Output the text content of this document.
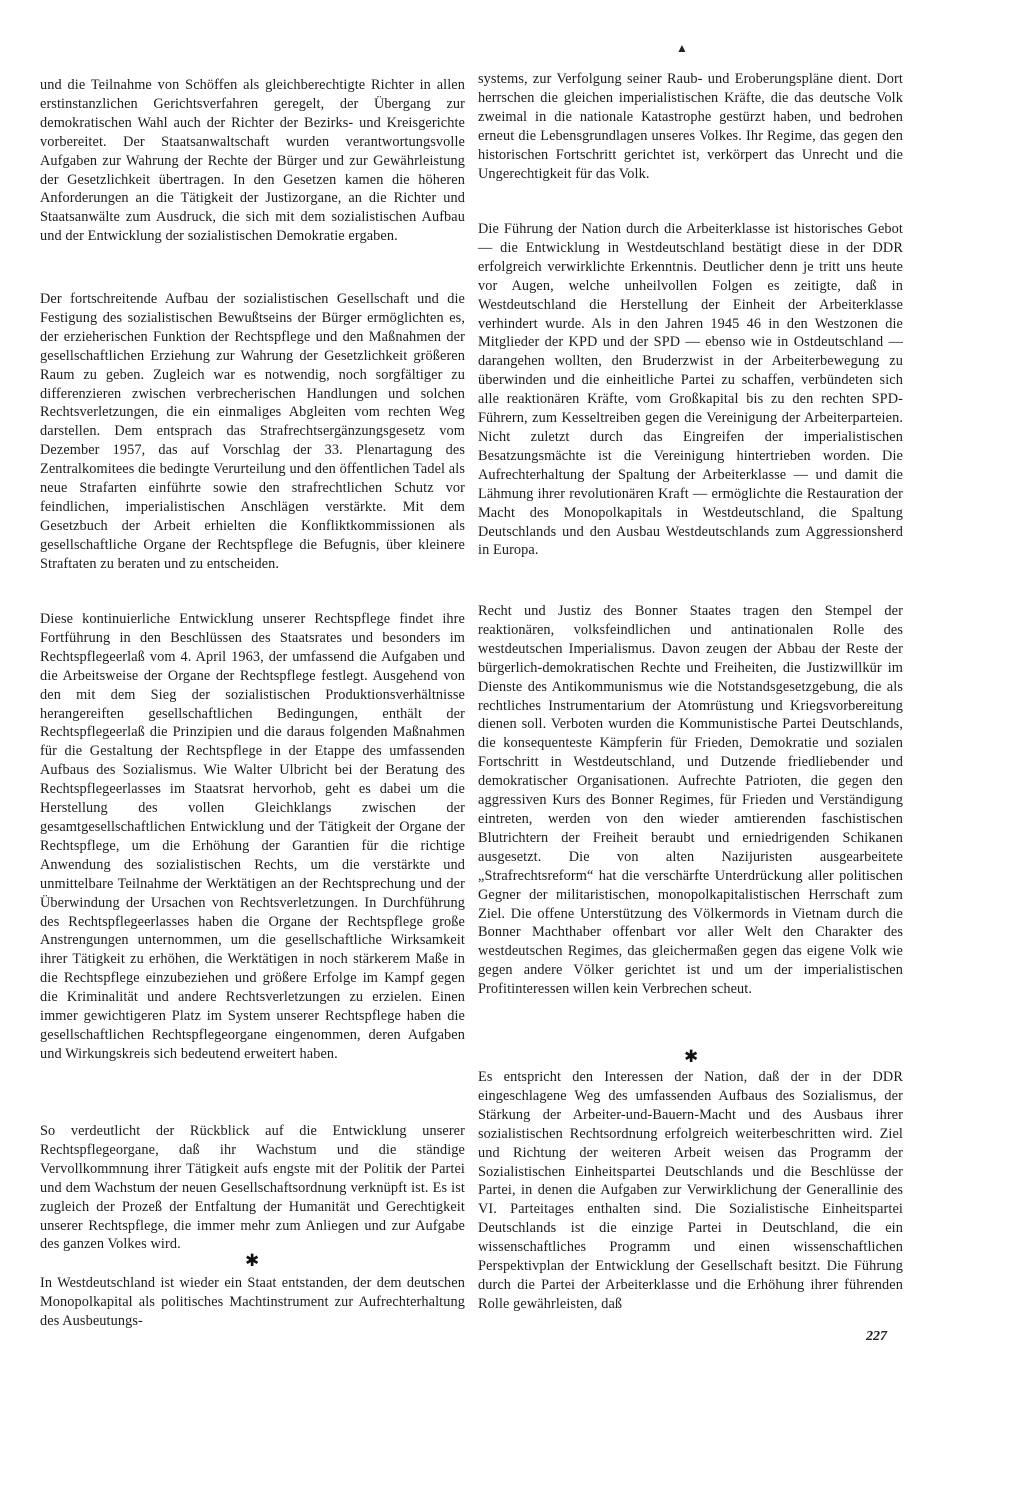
▲

und die Teilnahme von Schöffen als gleichberechtigte Richter in allen erstinstanzlichen Gerichtsverfahren geregelt, der Übergang zur demokratischen Wahl auch der Richter der Bezirks- und Kreisgerichte vorbereitet. Der Staatsanwaltschaft wurden verantwortungsvolle Aufgaben zur Wahrung der Rechte der Bürger und zur Gewährleistung der Gesetzlichkeit übertragen. In den Gesetzen kamen die höheren Anforderungen an die Tätigkeit der Justizorgane, an die Richter und Staatsanwälte zum Ausdruck, die sich mit dem sozialistischen Aufbau und der Entwicklung der sozialistischen Demokratie ergaben.

Der fortschreitende Aufbau der sozialistischen Gesellschaft und die Festigung des sozialistischen Bewußtseins der Bürger ermöglichten es, der erzieherischen Funktion der Rechtspflege und den Maßnahmen der gesellschaftlichen Erziehung zur Wahrung der Gesetzlichkeit größeren Raum zu geben. Zugleich war es notwendig, noch sorgfältiger zu differenzieren zwischen verbrecherischen Handlungen und solchen Rechtsverletzungen, die ein einmaliges Abgleiten vom rechten Weg darstellen. Dem entsprach das Strafrechtsergänzungsgesetz vom Dezember 1957, das auf Vorschlag der 33. Plenartagung des Zentralkomitees die bedingte Verurteilung und den öffentlichen Tadel als neue Strafarten einführte sowie den strafrechtlichen Schutz vor feindlichen, imperialistischen Anschlägen verstärkte. Mit dem Gesetzbuch der Arbeit erhielten die Konfliktkommissionen als gesellschaftliche Organe der Rechtspflege die Befugnis, über kleinere Straftaten zu beraten und zu entscheiden.

Diese kontinuierliche Entwicklung unserer Rechtspflege findet ihre Fortführung in den Beschlüssen des Staatsrates und besonders im Rechtspflegeerlaß vom 4. April 1963, der umfassend die Aufgaben und die Arbeitsweise der Organe der Rechtspflege festlegt. Ausgehend von den mit dem Sieg der sozialistischen Produktionsverhältnisse herangereiften gesellschaftlichen Bedingungen, enthält der Rechtspflegeerlaß die Prinzipien und die daraus folgenden Maßnahmen für die Gestaltung der Rechtspflege in der Etappe des umfassenden Aufbaus des Sozialismus. Wie Walter Ulbricht bei der Beratung des Rechtspflegeerlasses im Staatsrat hervorhob, geht es dabei um die Herstellung des vollen Gleichklangs zwischen der gesamtgesellschaftlichen Entwicklung und der Tätigkeit der Organe der Rechtspflege, um die Erhöhung der Garantien für die richtige Anwendung des sozialistischen Rechts, um die verstärkte und unmittelbare Teilnahme der Werktätigen an der Rechtsprechung und der Überwindung der Ursachen von Rechtsverletzungen. In Durchführung des Rechtspflegeerlasses haben die Organe der Rechtspflege große Anstrengungen unternommen, um die gesellschaftliche Wirksamkeit ihrer Tätigkeit zu erhöhen, die Werktätigen in noch stärkerem Maße in die Rechtspflege einzubeziehen und größere Erfolge im Kampf gegen die Kriminalität und andere Rechtsverletzungen zu erzielen. Einen immer gewichtigeren Platz im System unserer Rechtspflege haben die gesellschaftlichen Rechtspflegeorgane eingenommen, deren Aufgaben und Wirkungskreis sich bedeutend erweitert haben.

So verdeutlicht der Rückblick auf die Entwicklung unserer Rechtspflegeorgane, daß ihr Wachstum und die ständige Vervollkommnung ihrer Tätigkeit aufs engste mit der Politik der Partei und dem Wachstum der neuen Gesellschaftsordnung verknüpft ist. Es ist zugleich der Prozeß der Entfaltung der Humanität und Gerechtigkeit unserer Rechtspflege, die immer mehr zum Anliegen und zur Aufgabe des ganzen Volkes wird.

✱

In Westdeutschland ist wieder ein Staat entstanden, der dem deutschen Monopolkapital als politisches Machtinstrument zur Aufrechterhaltung des Ausbeutungs-

systems, zur Verfolgung seiner Raub- und Eroberungspläne dient. Dort herrschen die gleichen imperialistischen Kräfte, die das deutsche Volk zweimal in die nationale Katastrophe gestürzt haben, und bedrohen erneut die Lebensgrundlagen unseres Volkes. Ihr Regime, das gegen den historischen Fortschritt gerichtet ist, verkörpert das Unrecht und die Ungerechtigkeit für das Volk.

Die Führung der Nation durch die Arbeiterklasse ist historisches Gebot — die Entwicklung in Westdeutschland bestätigt diese in der DDR erfolgreich verwirklichte Erkenntnis. Deutlicher denn je tritt uns heute vor Augen, welche unheilvollen Folgen es zeitigte, daß in Westdeutschland die Herstellung der Einheit der Arbeiterklasse verhindert wurde. Als in den Jahren 1945 46 in den Westzonen die Mitglieder der KPD und der SPD — ebenso wie in Ostdeutschland — darangehen wollten, den Bruderzwist in der Arbeiterbewegung zu überwinden und die einheitliche Partei zu schaffen, verbündeten sich alle reaktionären Kräfte, vom Großkapital bis zu den rechten SPD-Führern, zum Kesseltreiben gegen die Vereinigung der Arbeiterparteien. Nicht zuletzt durch das Eingreifen der imperialistischen Besatzungsmächte ist die Vereinigung hintertrieben worden. Die Aufrechterhaltung der Spaltung der Arbeiterklasse — und damit die Lähmung ihrer revolutionären Kraft — ermöglichte die Restauration der Macht des Monopolkapitals in Westdeutschland, die Spaltung Deutschlands und den Ausbau Westdeutschlands zum Aggressionsherd in Europa.

Recht und Justiz des Bonner Staates tragen den Stempel der reaktionären, volksfeindlichen und antinationalen Rolle des westdeutschen Imperialismus. Davon zeugen der Abbau der Reste der bürgerlich-demokratischen Rechte und Freiheiten, die Justizwillkür im Dienste des Antikommunismus wie die Notstandsgesetzgebung, die als rechtliches Instrumentarium der Atomrüstung und Kriegsvorbereitung dienen soll. Verboten wurden die Kommunistische Partei Deutschlands, die konsequenteste Kämpferin für Frieden, Demokratie und sozialen Fortschritt in Westdeutschland, und Dutzende friedliebender und demokratischer Organisationen. Aufrechte Patrioten, die gegen den aggressiven Kurs des Bonner Regimes, für Frieden und Verständigung eintreten, werden von den wieder amtierenden faschistischen Blutrichtern der Freiheit beraubt und erniedrigenden Schikanen ausgesetzt. Die von alten Nazijuristen ausgearbeitete „Strafrechtsreform“ hat die verschärfte Unterdrückung aller politischen Gegner der militaristischen, monopolkapitalistischen Herrschaft zum Ziel. Die offene Unterstützung des Völkermords in Vietnam durch die Bonner Machthaber offenbart vor aller Welt den Charakter des westdeutschen Regimes, das gleichermaßen gegen das eigene Volk wie gegen andere Völker gerichtet ist und um der imperialistischen Profitinteressen willen kein Verbrechen scheut.

✱

Es entspricht den Interessen der Nation, daß der in der DDR eingeschlagene Weg des umfassenden Aufbaus des Sozialismus, der Stärkung der Arbeiter-und-Bauern-Macht und des Ausbaus ihrer sozialistischen Rechtsordnung erfolgreich weiterbeschritten wird. Ziel und Richtung der weiteren Arbeit weisen das Programm der Sozialistischen Einheitspartei Deutschlands und die Beschlüsse der Partei, in denen die Aufgaben zur Verwirklichung der Generallinie des VI. Parteitages enthalten sind. Die Sozialistische Einheitspartei Deutschlands ist die einzige Partei in Deutschland, die ein wissenschaftliches Programm und einen wissenschaftlichen Perspektivplan der Entwicklung der Gesellschaft besitzt. Die Führung durch die Partei der Arbeiterklasse und die Erhöhung ihrer führenden Rolle gewährleisten, daß

227
